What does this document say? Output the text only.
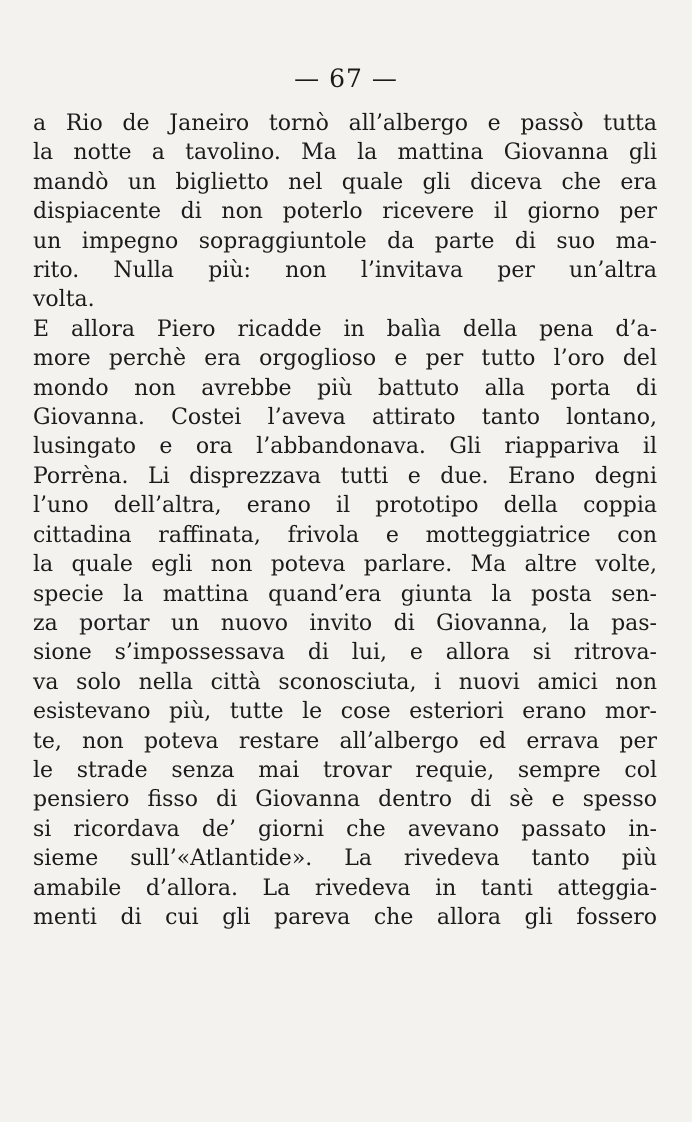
— 67 —
a Rio de Janeiro tornò all’albergo e passò tutta
la notte a tavolino. Ma la mattina Giovanna gli
mandò un biglietto nel quale gli diceva che era
dispiacente di non poterlo ricevere il giorno per
un impegno sopraggiuntole da parte di suo ma-
rito. Nulla più: non l’invitava per un’altra
volta.
E allora Piero ricadde in balìa della pena d’a-
more perchè era orgoglioso e per tutto l’oro del
mondo non avrebbe più battuto alla porta di
Giovanna. Costei l’aveva attirato tanto lontano,
lusingato e ora l’abbandonava. Gli riappariva il
Porrèna. Li disprezzava tutti e due. Erano degni
l’uno dell’altra, erano il prototipo della coppia
cittadina raffinata, frivola e motteggiatrice con
la quale egli non poteva parlare. Ma altre volte,
specie la mattina quand’era giunta la posta sen-
za portar un nuovo invito di Giovanna, la pas-
sione s’impossessava di lui, e allora si ritrova-
va solo nella città sconosciuta, i nuovi amici non
esistevano più, tutte le cose esteriori erano mor-
te, non poteva restare all’albergo ed errava per
le strade senza mai trovar requie, sempre col
pensiero fisso di Giovanna dentro di sè e spesso
si ricordava de’ giorni che avevano passato in-
sieme sull’«Atlantide». La rivedeva tanto più
amabile d’allora. La rivedeva in tanti atteggia-
menti di cui gli pareva che allora gli fossero
